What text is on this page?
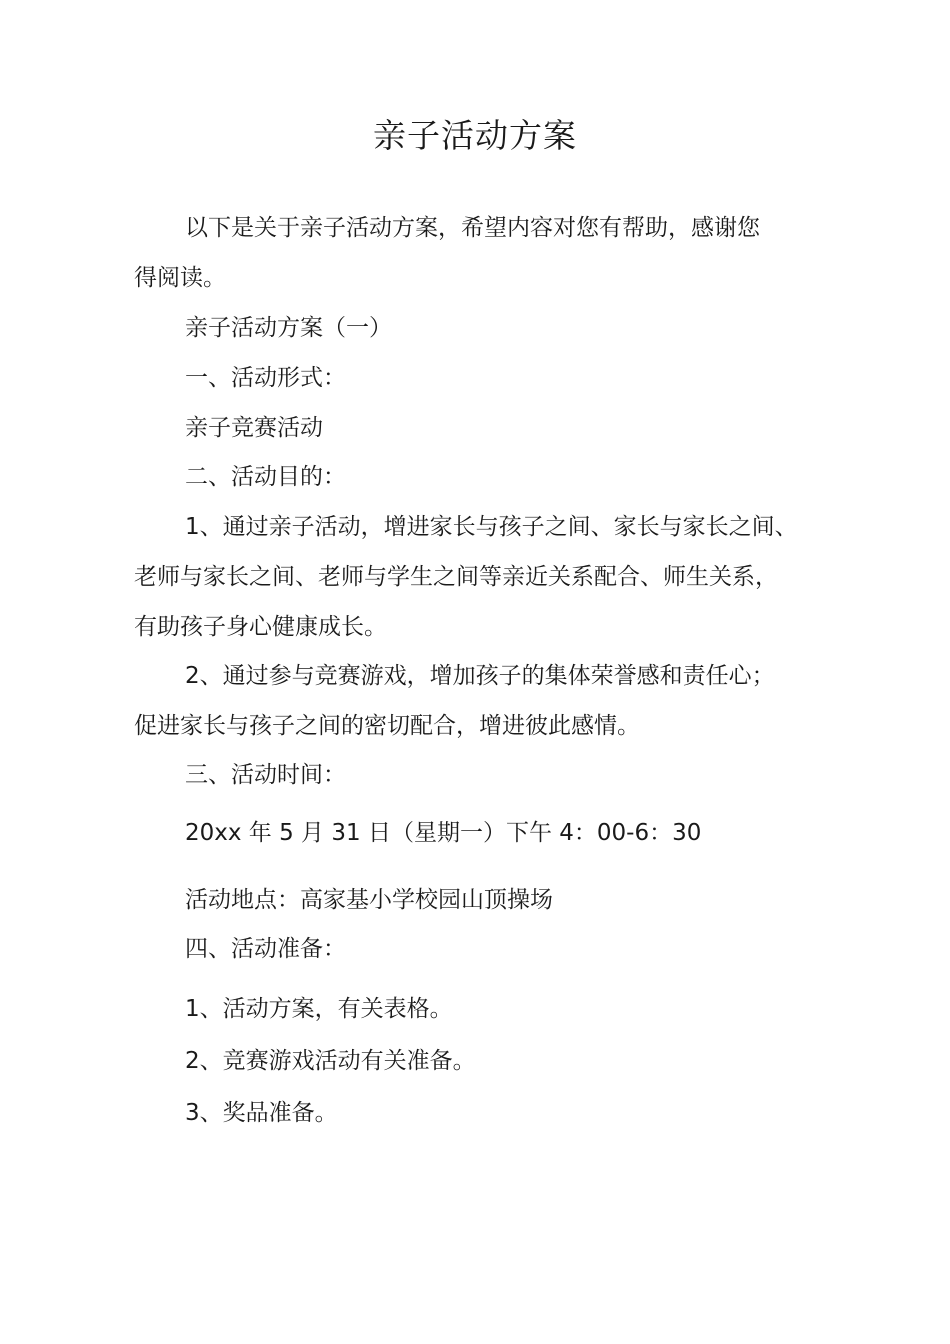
亲子活动方案

以下是关于亲子活动方案，希望内容对您有帮助，感谢您

得阅读。

亲子活动方案（一）

一、活动形式：

亲子竞赛活动

二、活动目的：

1、通过亲子活动，增进家长与孩子之间、家长与家长之间、

老师与家长之间、老师与学生之间等亲近关系配合、师生关系，

有助孩子身心健康成长。

2、通过参与竞赛游戏，增加孩子的集体荣誉感和责任心；

促进家长与孩子之间的密切配合，增进彼此感情。

三、活动时间：

20xx 年 5 月 31 日（星期一）下午 4：00-6：30

活动地点：高家基小学校园山顶操场

四、活动准备：

1、活动方案，有关表格。

2、竞赛游戏活动有关准备。

3、奖品准备。
